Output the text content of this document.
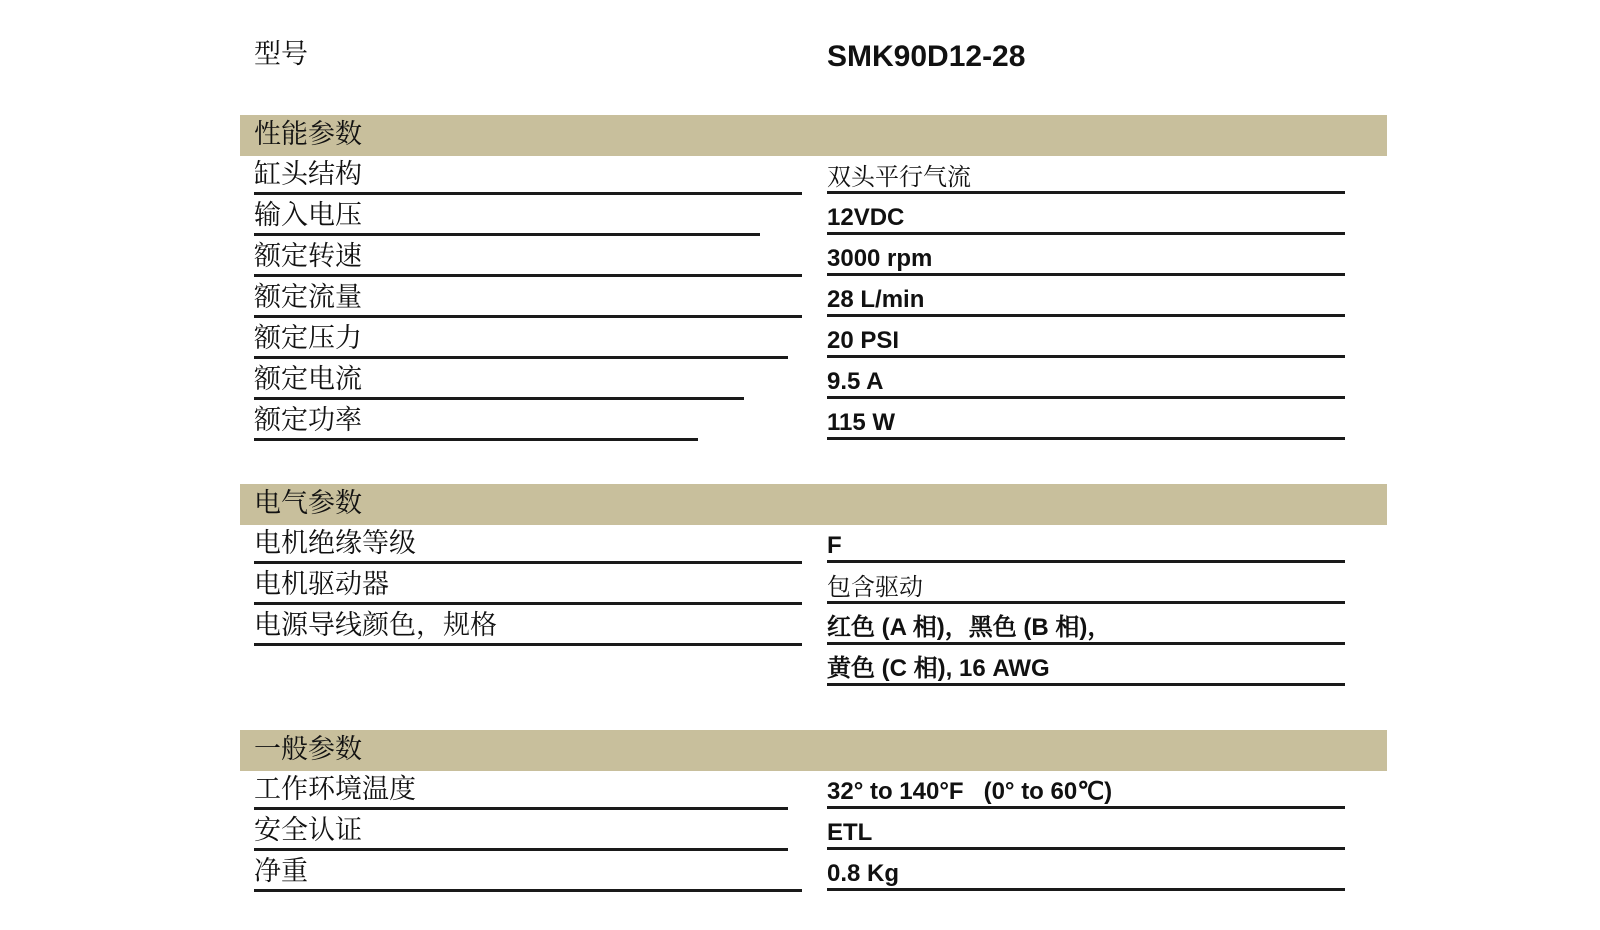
型号	SMK90D12-28
性能参数
缸头结构	双头平行气流
输入电压	12VDC
额定转速	3000 rpm
额定流量	28 L/min
额定压力	20 PSI
额定电流	9.5 A
额定功率	115 W
电气参数
电机绝缘等级	F
电机驱动器	包含驱动
电源导线颜色，规格	红色 (A 相)，黑色 (B 相)，
黄色 (C 相), 16 AWG
一般参数
工作环境温度	32° to 140°F   (0° to 60℃)
安全认证	ETL
净重	0.8 Kg
